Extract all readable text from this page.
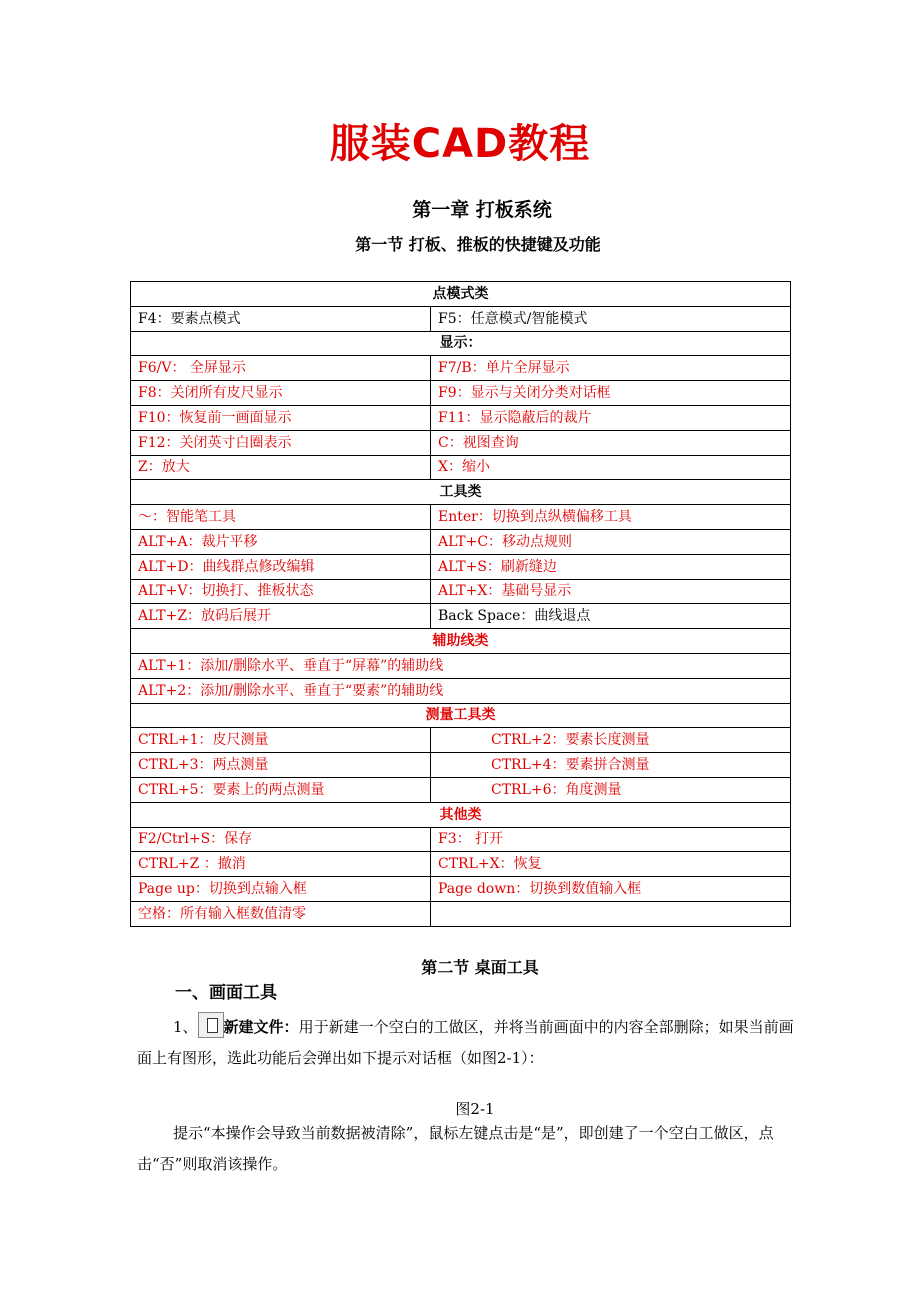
服装CAD教程
第一章 打板系统
第一节 打板、推板的快捷键及功能
点模式类	
F4：要素点模式	F5：任意模式/智能模式
显示：	
F6/V： 全屏显示	F7/B：单片全屏显示
F8：关闭所有皮尺显示	F9：显示与关闭分类对话框
F10：恢复前一画面显示	F11：显示隐蔽后的裁片
F12：关闭英寸白圈表示	C：视图查询
Z：放大	X：缩小
工具类	
～：智能笔工具	Enter：切换到点纵横偏移工具
ALT+A：裁片平移	ALT+C：移动点规则
ALT+D：曲线群点修改编辑	ALT+S：刷新缝边
ALT+V：切换打、推板状态	ALT+X：基础号显示
ALT+Z：放码后展开	Back Space：曲线退点
辅助线类	
ALT+1：添加/删除水平、垂直于“屏幕”的辅助线	
ALT+2：添加/删除水平、垂直于“要素”的辅助线	
测量工具类	
CTRL+1：皮尺测量	CTRL+2：要素长度测量
CTRL+3：两点测量	CTRL+4：要素拼合测量
CTRL+5：要素上的两点测量	CTRL+6：角度测量
其他类	
F2/Ctrl+S：保存	F3： 打开
CTRL+Z ：撤消	CTRL+X：恢复
Page up：切换到点输入框	Page down：切换到数值输入框
空格：所有输入框数值清零	
第二节 桌面工具
一、画面工具
1、 新建文件：用于新建一个空白的工做区，并将当前画面中的内容全部删除；如果当前画面上有图形，选此功能后会弹出如下提示对话框（如图2-1）：
图2-1
提示“本操作会导致当前数据被清除”，鼠标左键点击是“是”，即创建了一个空白工做区，点击“否”则取消该操作。
